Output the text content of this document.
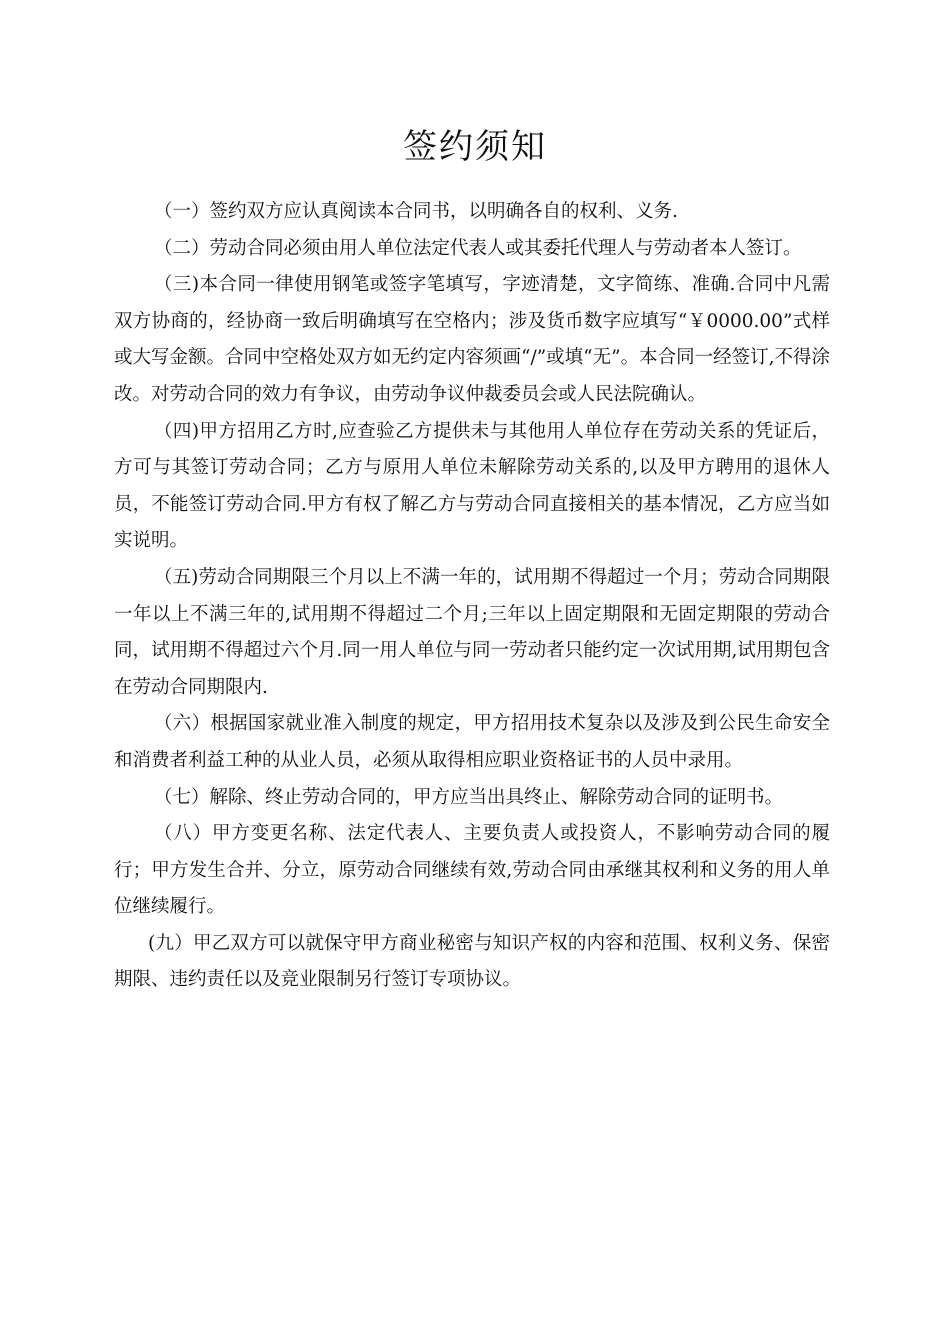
签约须知

（一）签约双方应认真阅读本合同书，以明确各自的权利、义务.

（二）劳动合同必须由用人单位法定代表人或其委托代理人与劳动者本人签订。

（三)本合同一律使用钢笔或签字笔填写，字迹清楚，文字简练、准确.合同中凡需双方协商的，经协商一致后明确填写在空格内；涉及货币数字应填写“￥0000.00”式样或大写金额。合同中空格处双方如无约定内容须画“/”或填“无”。本合同一经签订,不得涂改。对劳动合同的效力有争议，由劳动争议仲裁委员会或人民法院确认。

（四)甲方招用乙方时,应查验乙方提供未与其他用人单位存在劳动关系的凭证后，方可与其签订劳动合同；乙方与原用人单位未解除劳动关系的,以及甲方聘用的退休人员，不能签订劳动合同.甲方有权了解乙方与劳动合同直接相关的基本情况，乙方应当如实说明。

（五)劳动合同期限三个月以上不满一年的，试用期不得超过一个月；劳动合同期限一年以上不满三年的,试用期不得超过二个月;三年以上固定期限和无固定期限的劳动合同，试用期不得超过六个月.同一用人单位与同一劳动者只能约定一次试用期,试用期包含在劳动合同期限内.

（六）根据国家就业准入制度的规定，甲方招用技术复杂以及涉及到公民生命安全和消费者利益工种的从业人员，必须从取得相应职业资格证书的人员中录用。

（七）解除、终止劳动合同的，甲方应当出具终止、解除劳动合同的证明书。

（八）甲方变更名称、法定代表人、主要负责人或投资人，不影响劳动合同的履行；甲方发生合并、分立，原劳动合同继续有效,劳动合同由承继其权利和义务的用人单位继续履行。

(九）甲乙双方可以就保守甲方商业秘密与知识产权的内容和范围、权利义务、保密期限、违约责任以及竞业限制另行签订专项协议。
